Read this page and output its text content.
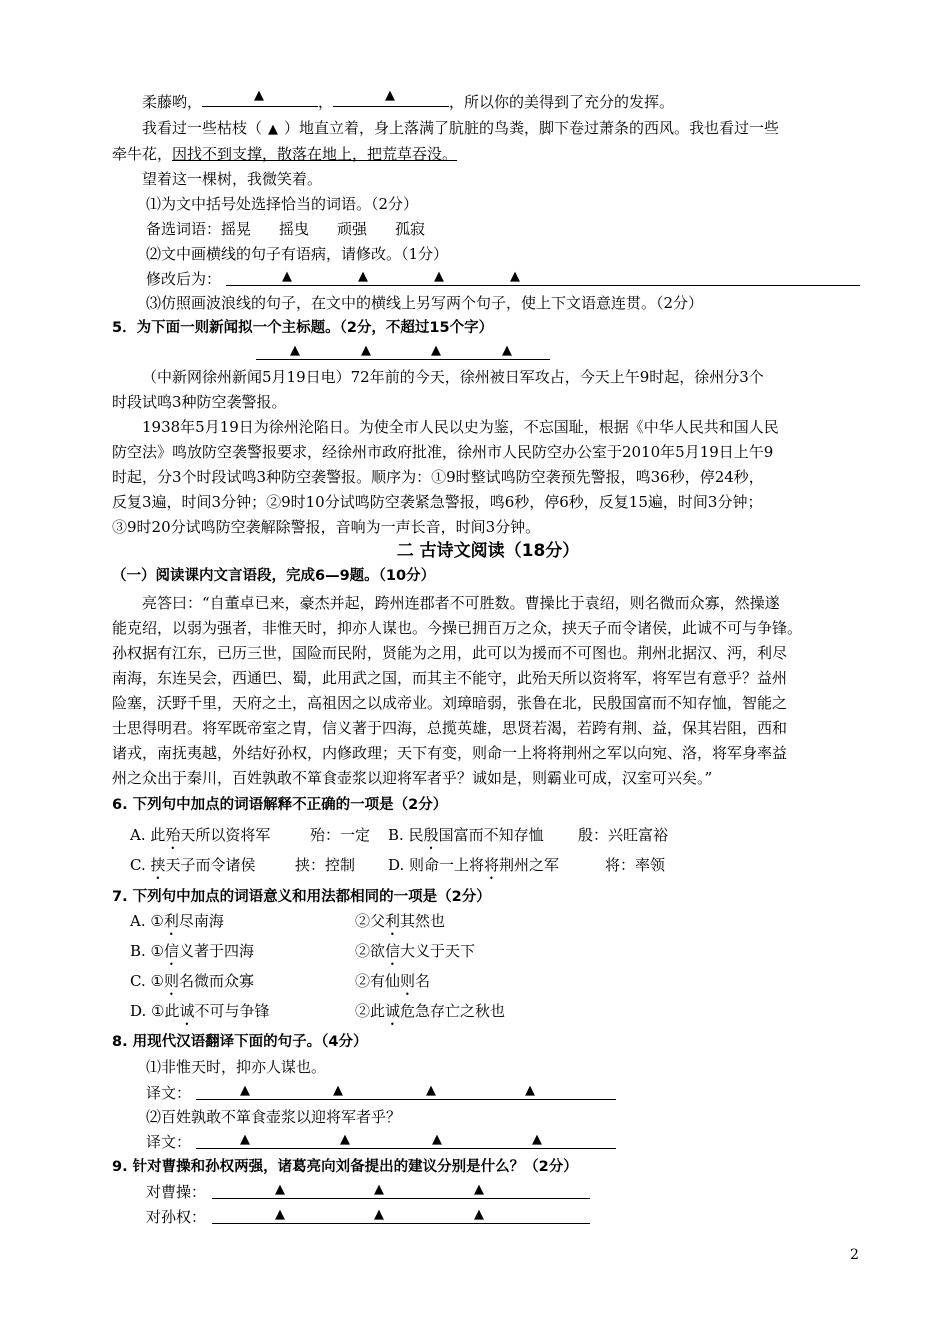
柔藤哟，	▲	，	▲	，所以你的美得到了充分的发挥。
我看过一些枯枝（ ▲ ）地直立着，身上落满了肮脏的鸟粪，脚下卷过萧条的西风。我也看过一些
牵牛花，因找不到支撑，散落在地上，把荒草吞没。
望着这一棵树，我微笑着。
⑴为文中括号处选择恰当的词语。（2分）
备选词语：摇晃 摇曳 顽强 孤寂
⑵文中画横线的句子有语病，请修改。（1分）
修改后为：	▲	▲	▲	▲
⑶仿照画波浪线的句子，在文中的横线上另写两个句子，使上下文语意连贯。（2分）
5．为下面一则新闻拟一个主标题。（2分，不超过15个字）
▲	▲	▲	▲
（中新网徐州新闻5月19日电）72年前的今天，徐州被日军攻占，今天上午9时起，徐州分3个
时段试鸣3种防空袭警报。
1938年5月19日为徐州沦陷日。为使全市人民以史为鉴，不忘国耻，根据《中华人民共和国人民
防空法》鸣放防空袭警报要求，经徐州市政府批准，徐州市人民防空办公室于2010年5月19日上午9
时起，分3个时段试鸣3种防空袭警报。顺序为：①9时整试鸣防空袭预先警报，鸣36秒，停24秒，
反复3遍，时间3分钟；②9时10分试鸣防空袭紧急警报，鸣6秒，停6秒，反复15遍，时间3分钟；
③9时20分试鸣防空袭解除警报，音响为一声长音，时间3分钟。
二 古诗文阅读（18分）
（一）阅读课内文言语段，完成6—9题。（10分）
亮答曰：“自董卓已来，豪杰并起，跨州连郡者不可胜数。曹操比于袁绍，则名微而众寡，然操遂
能克绍，以弱为强者，非惟天时，抑亦人谋也。今操已拥百万之众，挟天子而令诸侯，此诚不可与争锋。
孙权据有江东，已历三世，国险而民附，贤能为之用，此可以为援而不可图也。荆州北据汉、沔，利尽
南海，东连吴会，西通巴、蜀，此用武之国，而其主不能守，此殆天所以资将军，将军岂有意乎？益州
险塞，沃野千里，天府之土，高祖因之以成帝业。刘璋暗弱，张鲁在北，民殷国富而不知存恤，智能之
士思得明君。将军既帝室之胄，信义著于四海，总揽英雄，思贤若渴，若跨有荆、益，保其岩阻，西和
诸戎，南抚夷越，外结好孙权，内修政理；天下有变，则命一上将将荆州之军以向宛、洛，将军身率益
州之众出于秦川，百姓孰敢不箪食壶浆以迎将军者乎？诚如是，则霸业可成，汉室可兴矣。”
6. 下列句中加点的词语解释不正确的一项是（2分）
A. 此殆天所以资将军	殆：一定 B. 民殷国富而不知存恤 殷：兴旺富裕
C. 挟天子而令诸侯	挟：控制 D. 则命一上将将荆州之军	将：率领
7. 下列句中加点的词语意义和用法都相同的一项是（2分）
A. ①利尽南海	②父利其然也
B. ①信义著于四海	②欲信大义于天下
C. ①则名微而众寡	②有仙则名
D. ①此诚不可与争锋	②此诚危急存亡之秋也
8. 用现代汉语翻译下面的句子。（4分）
⑴非惟天时，抑亦人谋也。
译文：	▲	▲	▲	▲
⑵百姓孰敢不箪食壶浆以迎将军者乎？
译文：	▲	▲	▲	▲
9. 针对曹操和孙权两强，诸葛亮向刘备提出的建议分别是什么？（2分）
对曹操：	▲	▲	▲
对孙权：	▲	▲	▲
2
